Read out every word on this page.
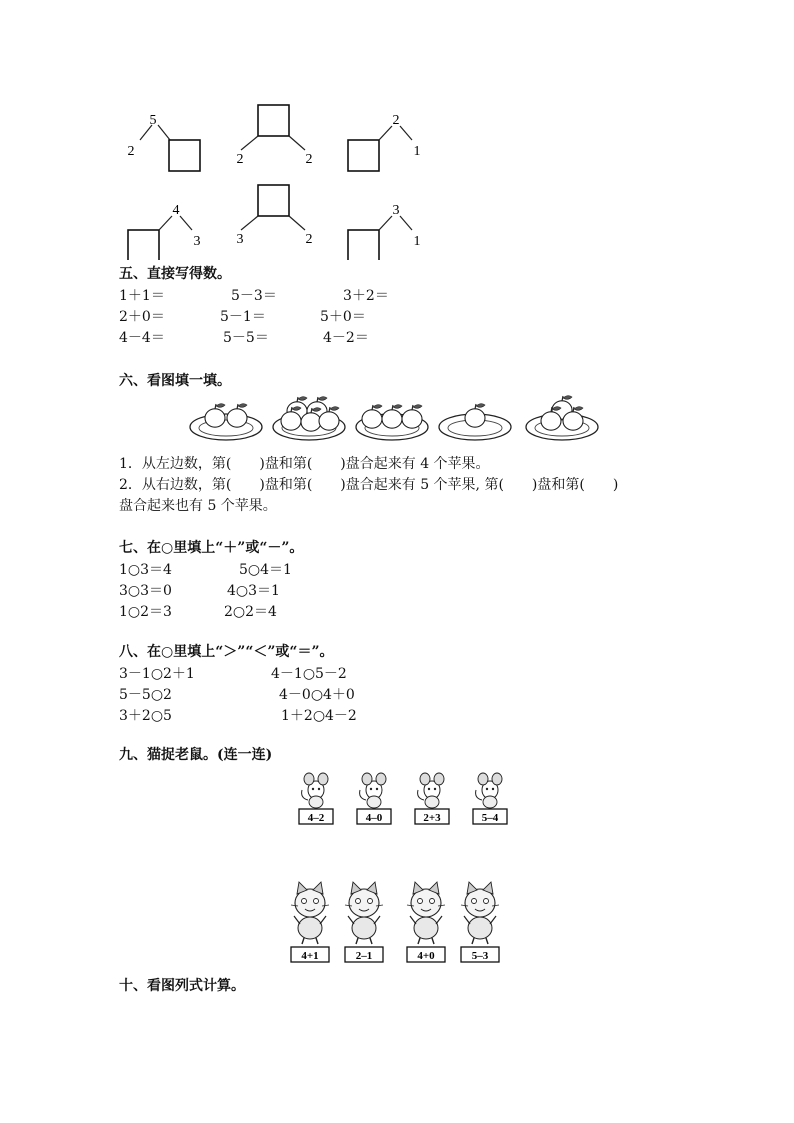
5
2
2	2
2
1
4
3	3	2
3
1
五、直接写得数。
1＋1＝	5－3＝	3＋2＝
2＋0＝	5－1＝	5＋0＝
4－4＝	5－5＝	4－2＝
六、看图填一填。
1．从左边数，第(　　)盘和第(　　)盘合起来有 4 个苹果。
2．从右边数，第(　　)盘和第(　　)盘合起来有 5 个苹果, 第(　　)盘和第(　　)
盘合起来也有 5 个苹果。
七、在○里填上“＋”或“－”。
1○3＝4	5○4＝1
3○3＝0	4○3＝1
1○2＝3	2○2＝4
八、在○里填上“＞”“＜”或“＝”。
3－1○2＋1	4－1○5－2
5－5○2	4－0○4＋0
3＋2○5	1＋2○4－2
九、猫捉老鼠。(连一连)
4–2	4–0	2+3	5–4
4+1	2–1	4+0	5–3
十、看图列式计算。
